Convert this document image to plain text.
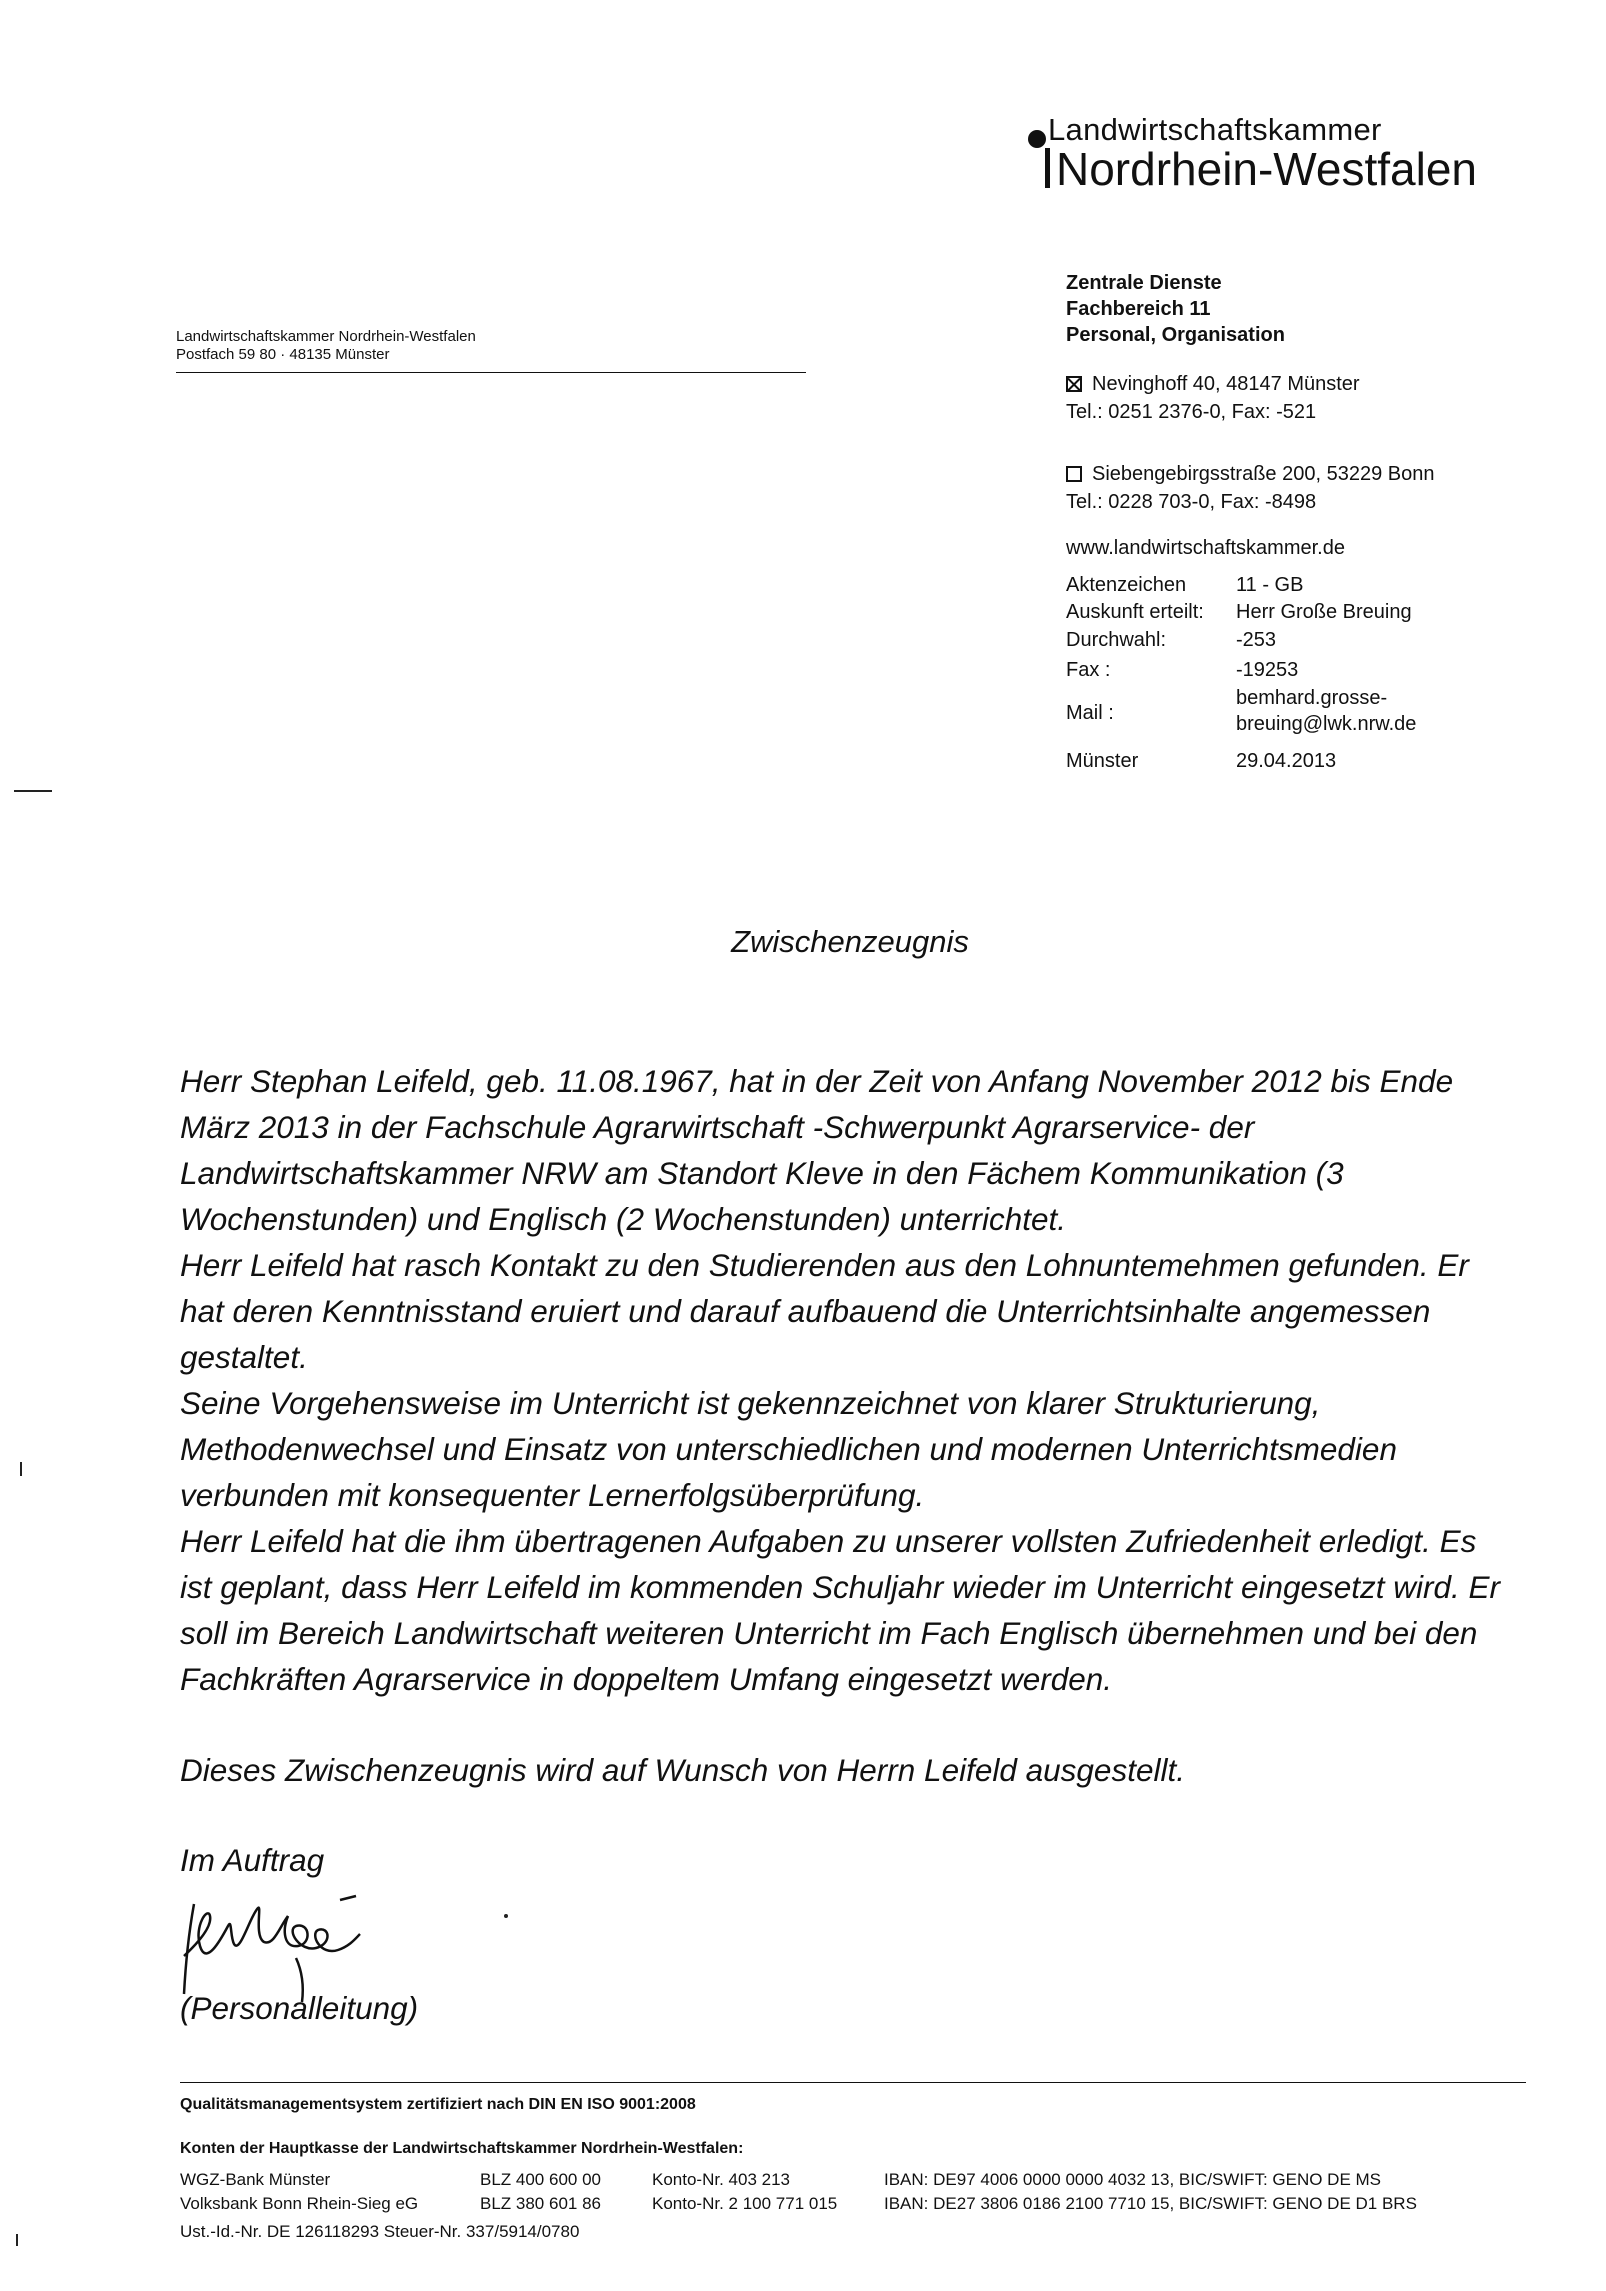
Landwirtschaftskammer
Nordrhein-Westfalen
Landwirtschaftskammer Nordrhein-Westfalen
Postfach 59 80 · 48135 Münster
Zentrale Dienste
Fachbereich 11
Personal, Organisation
Nevinghoff 40, 48147 Münster
Tel.: 0251 2376-0, Fax: -521
Siebengebirgsstraße 200, 53229 Bonn
Tel.: 0228 703-0, Fax: -8498
www.landwirtschaftskammer.de
Aktenzeichen 11 - GB
Auskunft erteilt: Herr Große Breuing
Durchwahl:	-253
Fax :	-19253
Mail :
bemhard.grosse-
breuing@lwk.nrw.de
Münster	29.04.2013
Zwischenzeugnis

Herr Stephan Leifeld, geb. 11.08.1967, hat in der Zeit von Anfang November 2012 bis Ende März 2013 in der Fachschule Agrarwirtschaft -Schwerpunkt Agrarservice- der Landwirtschaftskammer NRW am Standort Kleve in den Fächem Kommunikation (3 Wochenstunden) und Englisch (2 Wochenstunden) unterrichtet.

Herr Leifeld hat rasch Kontakt zu den Studierenden aus den Lohnuntemehmen gefunden. Er hat deren Kenntnisstand eruiert und darauf aufbauend die Unterrichtsinhalte angemessen gestaltet.

Seine Vorgehensweise im Unterricht ist gekennzeichnet von klarer Strukturierung, Methodenwechsel und Einsatz von unterschiedlichen und modernen Unterrichtsmedien verbunden mit konsequenter Lernerfolgsüberprüfung.

Herr Leifeld hat die ihm übertragenen Aufgaben zu unserer vollsten Zufriedenheit erledigt. Es ist geplant, dass Herr Leifeld im kommenden Schuljahr wieder im Unterricht eingesetzt wird. Er soll im Bereich Landwirtschaft weiteren Unterricht im Fach Englisch übernehmen und bei den Fachkräften Agrarservice in doppeltem Umfang eingesetzt werden.

Dieses Zwischenzeugnis wird auf Wunsch von Herrn Leifeld ausgestellt.
Im Auftrag
(Personalleitung)
Qualitätsmanagementsystem zertifiziert nach DIN EN ISO 9001:2008
Konten der Hauptkasse der Landwirtschaftskammer Nordrhein-Westfalen:
WGZ-Bank Münster	BLZ 400 600 00	Konto-Nr. 403 213	IBAN: DE97 4006 0000 0000 4032 13, BIC/SWIFT: GENO DE MS
Volksbank Bonn Rhein-Sieg eG	BLZ 380 601 86	Konto-Nr. 2 100 771 015	IBAN: DE27 3806 0186 2100 7710 15, BIC/SWIFT: GENO DE D1 BRS
Ust.-Id.-Nr. DE 126118293 Steuer-Nr. 337/5914/0780
